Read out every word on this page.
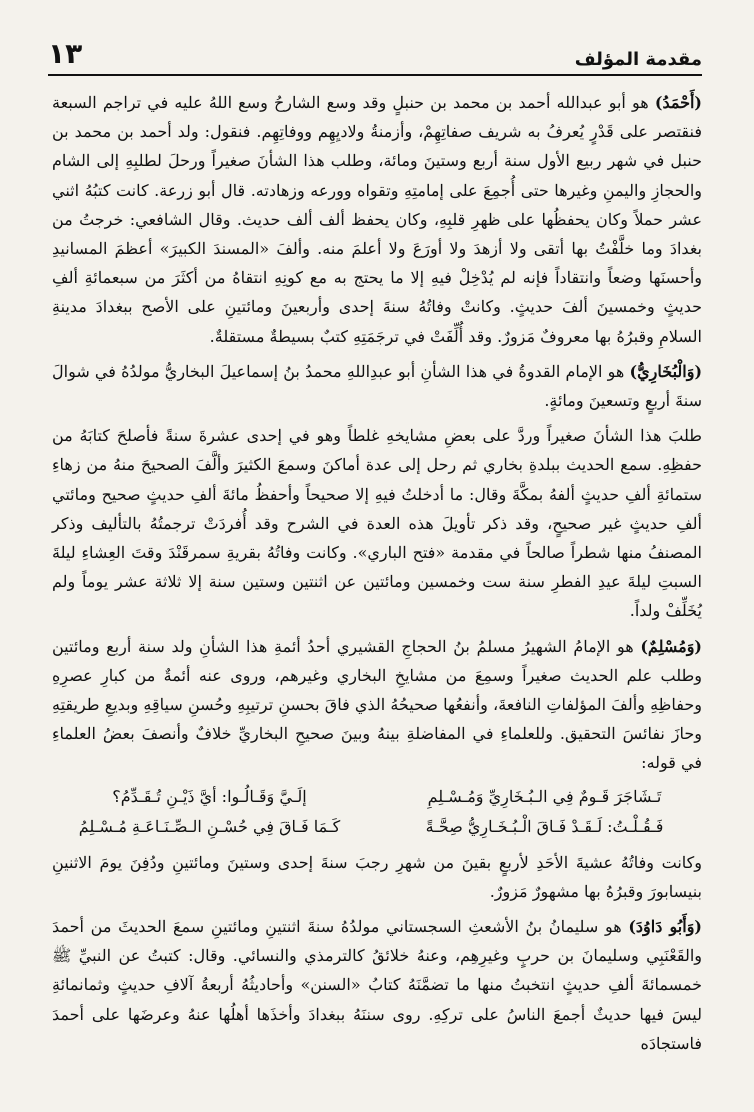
مقدمة المؤلف
١٣

(أَحْمَدُ) هو أبو عبدالله أحمد بن محمد بن حنبلٍ وقد وسع الشارحُ وسع اللهُ عليه في تراجم السبعة فنقتصر على قَدْرٍ يُعرفُ به شريف صفاتِهِمْ، وأزمنةُ ولاديِهِم ووفاتِهِم. فنقول: ولد أحمد بن محمد بن حنبل في شهر ربيع الأول سنة أربع وستينَ ومائة، وطلب هذا الشأنَ صغيراً ورحلَ لطلبِهِ إلى الشام والحجازِ واليمنِ وغيرها حتى أُجمِعَ على إمامتِهِ وتقواه وورعه وزهادته. قال أبو زرعة. كانت كتبُهُ اثني عشر حملاً وكان يحفظُها على ظهرِ قلبِهِ، وكان يحفظ ألف ألف حديث. وقال الشافعي: خرجتُ من بغدادَ وما خلَّفْتُ بها أتقى ولا أزهدَ ولا أورَعَ ولا أعلمَ منه. وألفَ «المسندَ الكبيرَ» أعظمَ المسانيدِ وأحسنَها وضعاً وانتقاداً فإنه لم يُدْخِلْ فيهِ إلا ما يحتج به مع كونِهِ انتقاهُ من أكثَرَ من سبعمائةِ ألفِ حديثٍ وخمسينَ ألفَ حديثٍ. وكانتْ وفاتُهُ سنةَ إحدى وأربعينَ ومائتينِ على الأصح ببغدادَ مدينةِ السلامِ وقبرُهُ بها معروفٌ مَزورٌ. وقد أُلِّفَتْ في ترجَمَتِهِ كتبٌ بسيطةٌ مستقلةٌ.

(وَالْبُخَارِيُّ) هو الإمام القدوةُ في هذا الشأنِ أبو عبدِاللهِ محمدُ بنُ إسماعيلَ البخاريُّ مولدُهُ في شوالَ سنةَ أربعٍ وتسعينَ ومائةٍ.

طلبَ هذا الشأنَ صغيراً وردَّ على بعضِ مشايخهِ غلطاً وهو في إحدى عشرةَ سنةً فأصلحَ كتابَهُ من حفظِهِ. سمع الحديث ببلدةِ بخاري ثم رحل إلى عدة أماكنَ وسمعَ الكثيرَ وألَّفَ الصحيحَ منهُ من زهاءِ ستمائةِ ألفِ حديثٍ ألفهُ بمكَّةَ وقال: ما أدخلتُ فيهِ إلا صحيحاً وأحفظُ مائةَ ألفِ حديثٍ صحيح ومائتي ألفِ حديثٍ غير صحيحٍ، وقد ذكر تأويلَ هذه العدة في الشرح وقد أُفردَتْ ترجمتُهُ بالتأليف وذكر المصنفُ منها شطراً صالحاً في مقدمة «فتح الباري». وكانت وفاتُهُ بقريةِ سمرقَنْدَ وقتَ العِشاءِ ليلةَ السبتِ ليلةَ عيدِ الفطرِ سنة ست وخمسين ومائتين عن اثنتين وستين سنة إلا ثلاثة عشر يوماً ولم يُخَلِّفْ ولداً.

(وَمُسْلِمٌ) هو الإمامُ الشهيرُ مسلمُ بنُ الحجاجِ القشيري أحدُ أئمةِ هذا الشأنِ ولد سنة أربع ومائتين وطلب علم الحديث صغيراً وسمِعَ من مشايخِ البخاري وغيرهم، وروى عنه أئمةٌ من كبارِ عصرِهِ وحفاظِهِ وألفَ المؤلفاتِ النافعةَ، وأنفعُها صحيحُهُ الذي فاقَ بحسنِ ترتيبِهِ وحُسنِ سياقِهِ وبديعِ طريقتِهِ وحازَ نفائسَ التحقيق. وللعلماءِ في المفاضلةِ بينهُ وبينَ صحيحِ البخاريِّ خلافٌ وأنصفَ بعضُ العلماءِ في قوله:

تَـشَاجَرَ قَـومٌ فِي الـبُـخَارِيِّ وَمُـسْـلِمِ
إلَـيَّ وَقَـالُـوا: أيَّ ذَيْـنِ تُـقَـدِّمُ؟
فَـقُـلْـتُ: لَـقَـدْ فَـاقَ الْـبُـخَـارِيُّ صِحَّـةً
كَـمَا فَـاقَ فِي حُسْـنِ الـصِّـنَـاعَـةِ مُـسْـلِمُ

وكانت وفاتُهُ عشيةَ الأحَدِ لأربعٍ بقينَ من شهرِ رجبَ سنةَ إحدى وستينَ ومائتينِ ودُفِنَ يومَ الاثنينِ بنيسابورَ وقبرُهُ بها مشهورٌ مَزورٌ.

(وَأَبُو دَاوُدَ) هو سليمانُ بنُ الأشعثِ السجستاني مولدُهُ سنةَ اثنتينِ ومائتينِ سمعَ الحديثَ من أحمدَ والقَعْنَبِي وسليمانَ بن حربٍ وغيرِهِم، وعنهُ خلائقُ كالترمذي والنسائي. وقال: كتبتُ عن النبيِّ ﷺ خمسمائةَ ألفِ حديثٍ انتخبتُ منها ما تضمَّنَهُ كتابُ «السنن» وأحاديثُهُ أربعةُ آلافِ حديثٍ وثمانمائةِ ليسَ فيها حديثٌ أجمعَ الناسُ على تركِهِ. روى سننَهُ ببغدادَ وأخذَها أهلُها عنهُ وعرضَها على أحمدَ فاستجادَه
